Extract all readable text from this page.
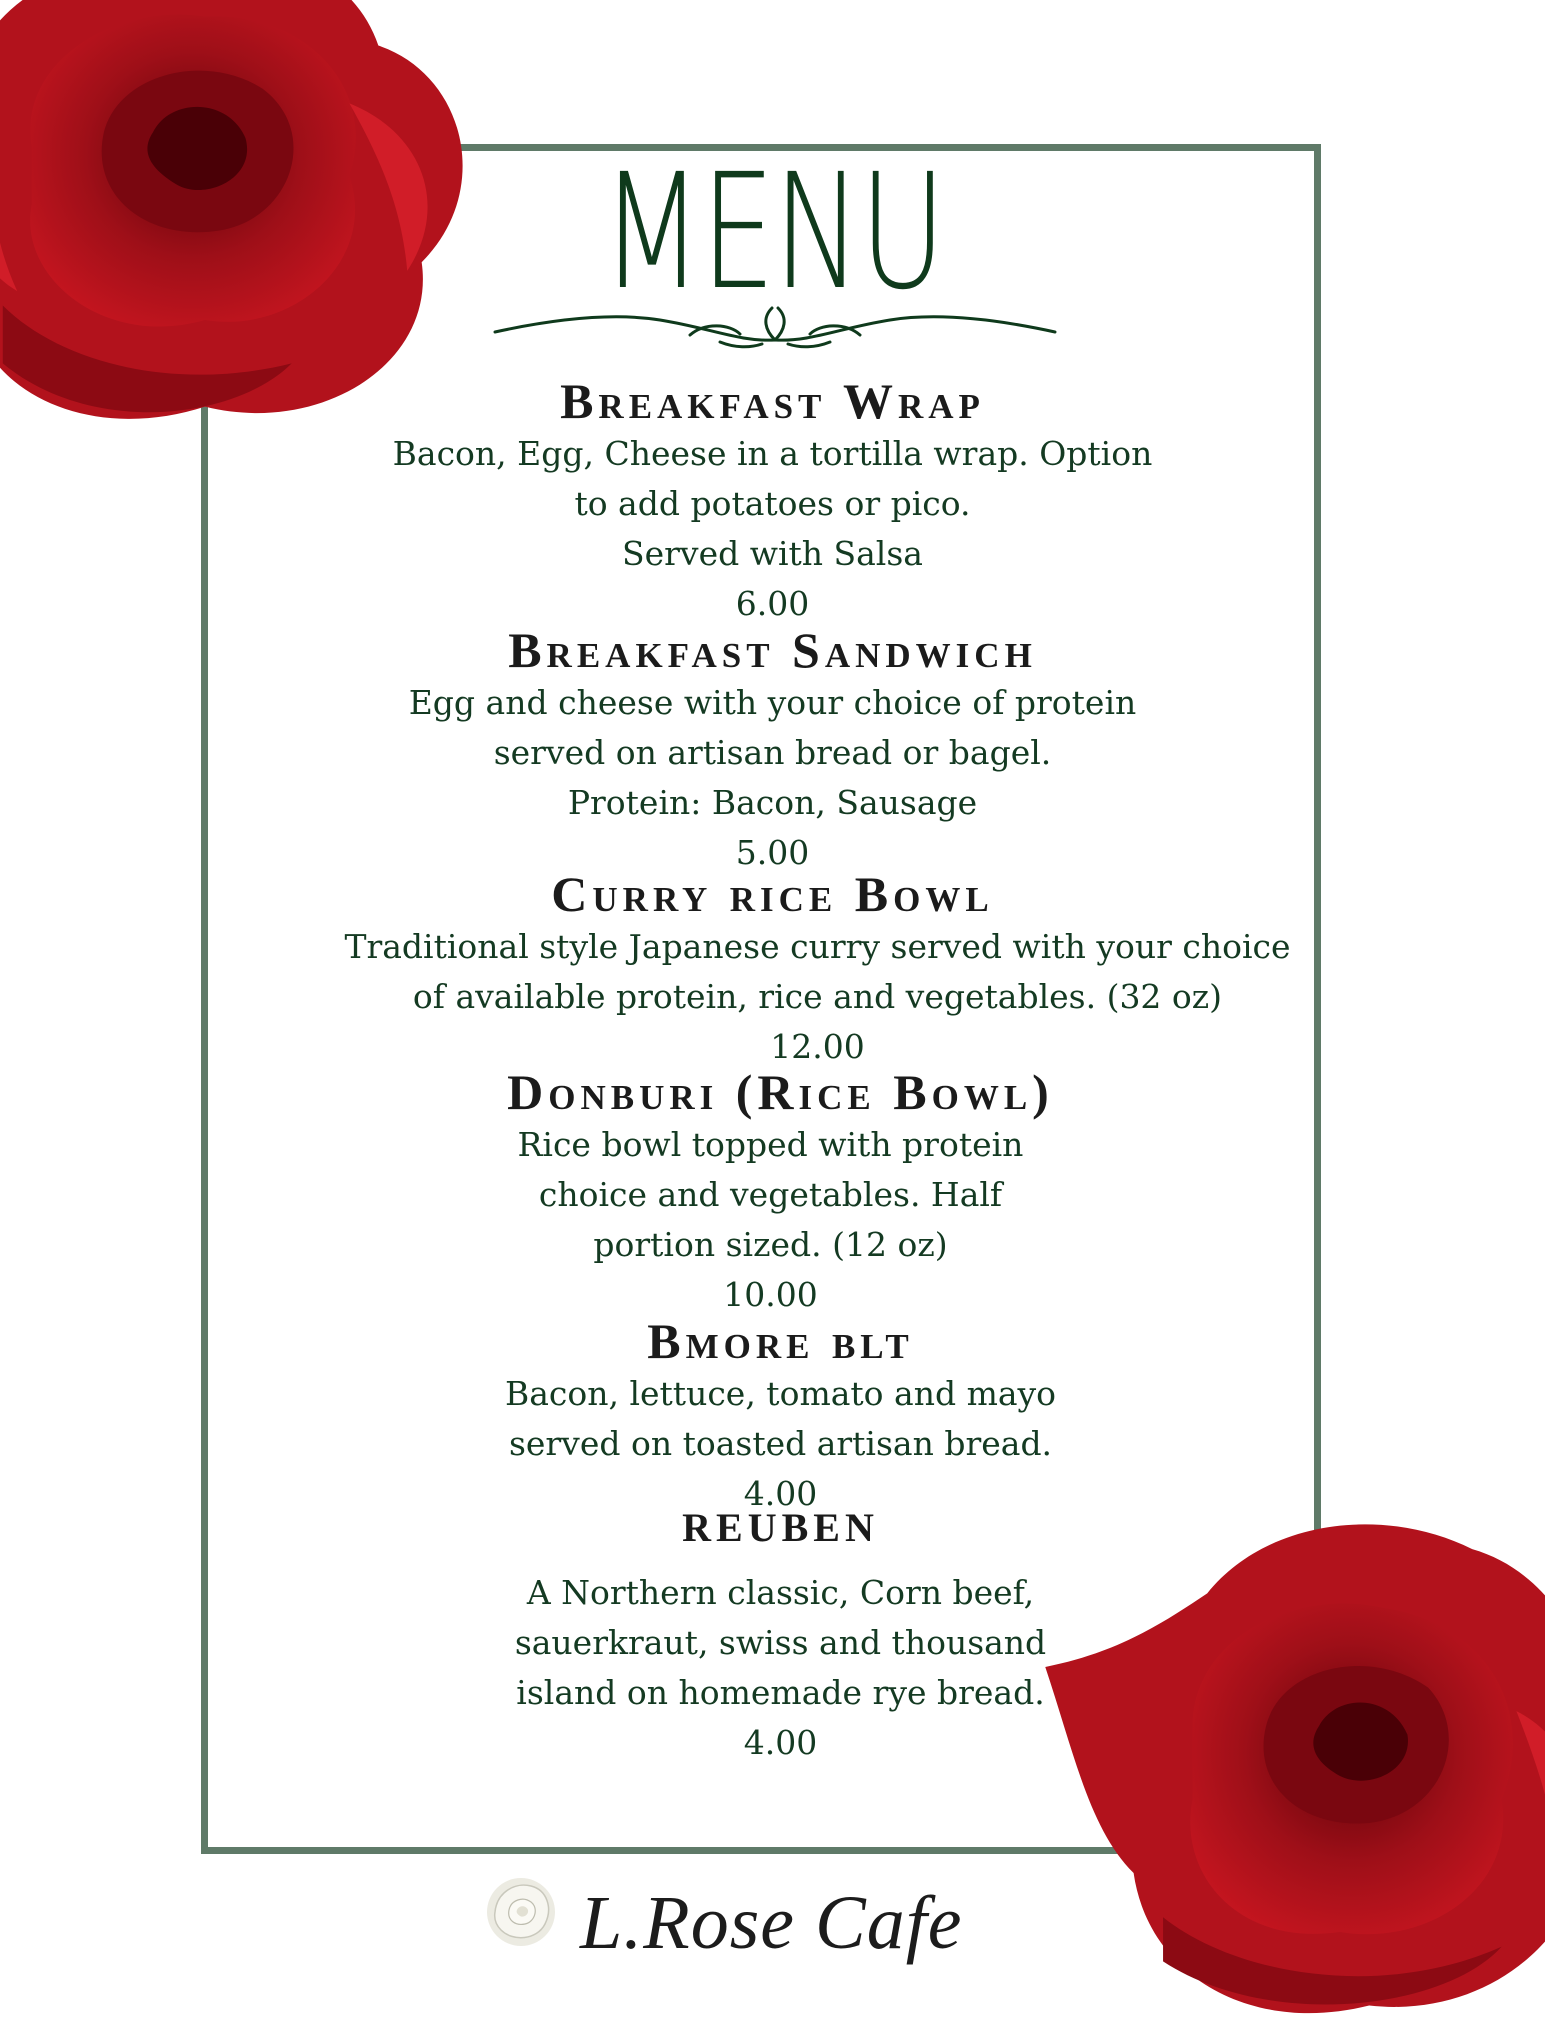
MENU
Breakfast Wrap
Bacon, Egg, Cheese in a tortilla wrap. Option
to add potatoes or pico.
Served with Salsa
6.00
Breakfast Sandwich
Egg and cheese with your choice of protein
served on artisan bread or bagel.
Protein: Bacon, Sausage
5.00
Curry rice Bowl
Traditional style Japanese curry served with your choice
of available protein, rice and vegetables. (32 oz)
12.00
Donburi (Rice Bowl)
Rice bowl topped with protein
choice and vegetables. Half
portion sized. (12 oz)
10.00
Bmore blt
Bacon, lettuce, tomato and mayo
served on toasted artisan bread.
4.00
REUBEN
A Northern classic, Corn beef,
sauerkraut, swiss and thousand
island on homemade rye bread.
4.00
L.Rose Cafe
